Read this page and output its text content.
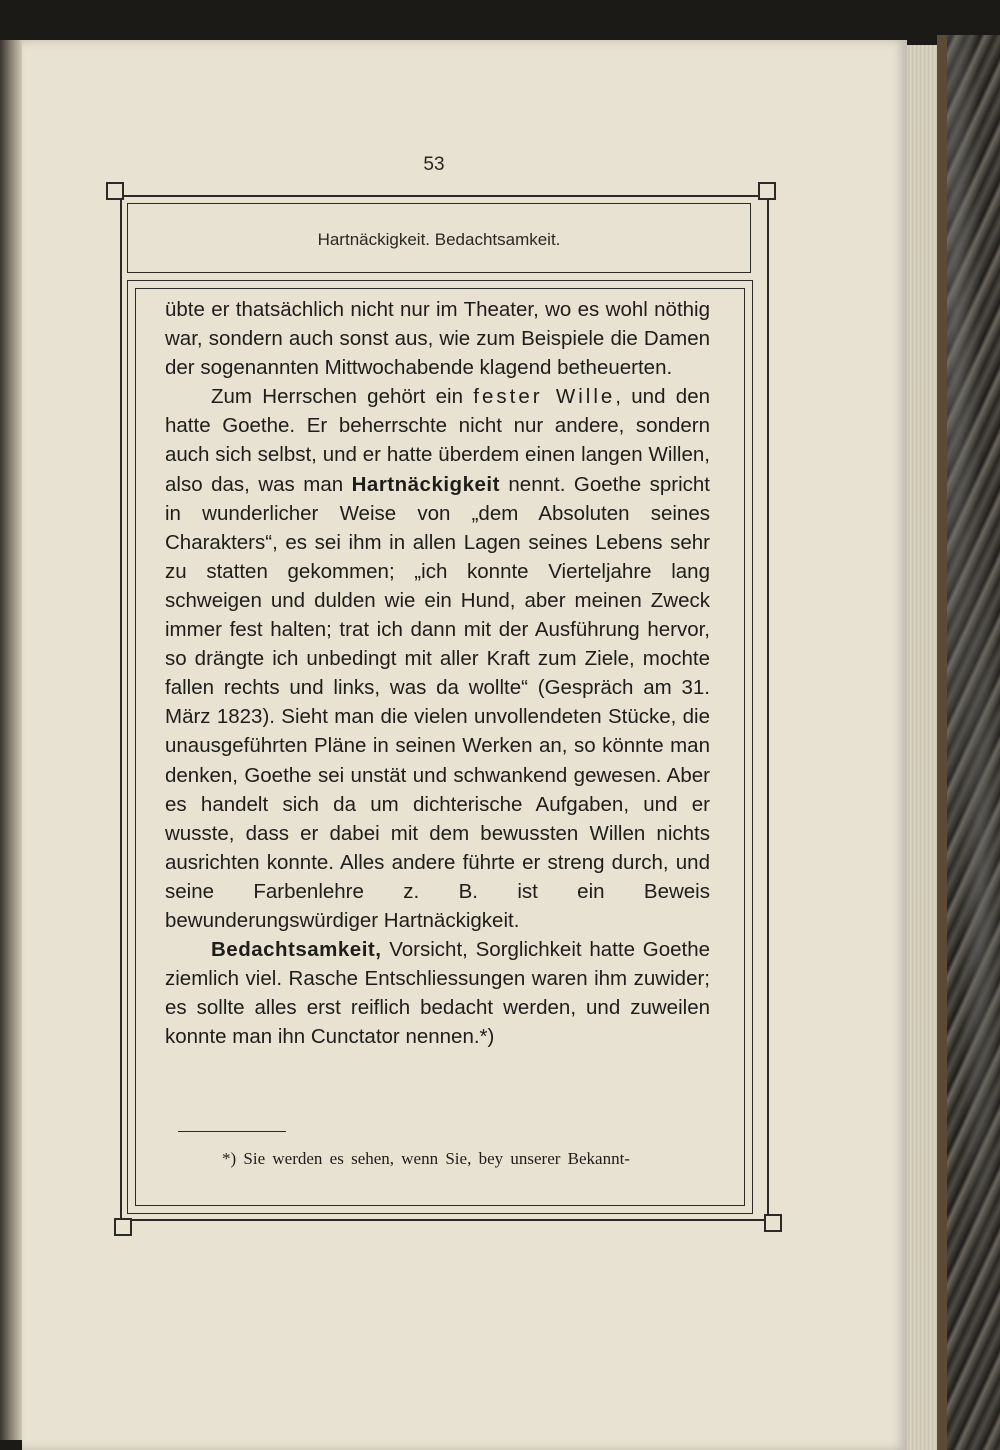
53
Hartnäckigkeit. Bedachtsamkeit.

übte er thatsächlich nicht nur im Theater, wo es wohl nöthig war, sondern auch sonst aus, wie zum Beispiele die Damen der sogenannten Mittwochabende klagend betheuerten.

Zum Herrschen gehört ein fester Wille, und den hatte Goethe. Er beherrschte nicht nur andere, sondern auch sich selbst, und er hatte überdem einen langen Willen, also das, was man Hartnäckigkeit nennt. Goethe spricht in wunderlicher Weise von „dem Absoluten seines Charakters“, es sei ihm in allen Lagen seines Lebens sehr zu statten gekommen; „ich konnte Vierteljahre lang schweigen und dulden wie ein Hund, aber meinen Zweck immer fest halten; trat ich dann mit der Ausführung hervor, so drängte ich unbedingt mit aller Kraft zum Ziele, mochte fallen rechts und links, was da wollte“ (Gespräch am 31. März 1823). Sieht man die vielen unvollendeten Stücke, die unausgeführten Pläne in seinen Werken an, so könnte man denken, Goethe sei unstät und schwankend gewesen. Aber es handelt sich da um dichterische Aufgaben, und er wusste, dass er dabei mit dem bewussten Willen nichts ausrichten konnte. Alles andere führte er streng durch, und seine Farbenlehre z. B. ist ein Beweis bewunderungswürdiger Hartnäckigkeit.

Bedachtsamkeit, Vorsicht, Sorglichkeit hatte Goethe ziemlich viel. Rasche Entschliessungen waren ihm zuwider; es sollte alles erst reiflich bedacht werden, und zuweilen konnte man ihn Cunctator nennen.*)

*) Sie werden es sehen, wenn Sie, bey unserer Bekannt-
